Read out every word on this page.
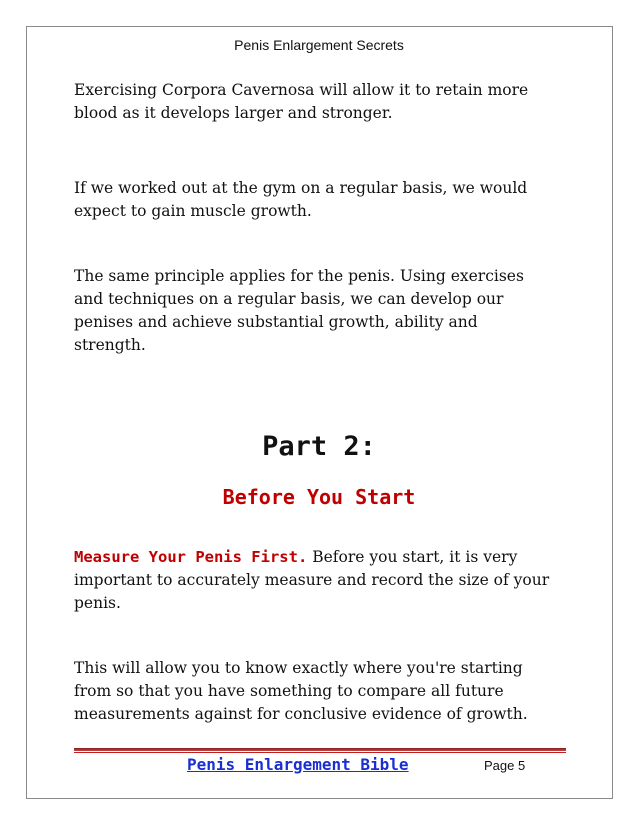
Penis Enlargement Secrets

Exercising Corpora Cavernosa will allow it to retain more blood as it develops larger and stronger.

If we worked out at the gym on a regular basis, we would expect to gain muscle growth.

The same principle applies for the penis. Using exercises and techniques on a regular basis, we can develop our penises and achieve substantial growth, ability and strength.

Part 2:
Before You Start

Measure Your Penis First. Before you start, it is very important to accurately measure and record the size of your penis.

This will allow you to know exactly where you're starting from so that you have something to compare all future measurements against for conclusive evidence of growth.

Penis Enlargement Bible	Page 5
